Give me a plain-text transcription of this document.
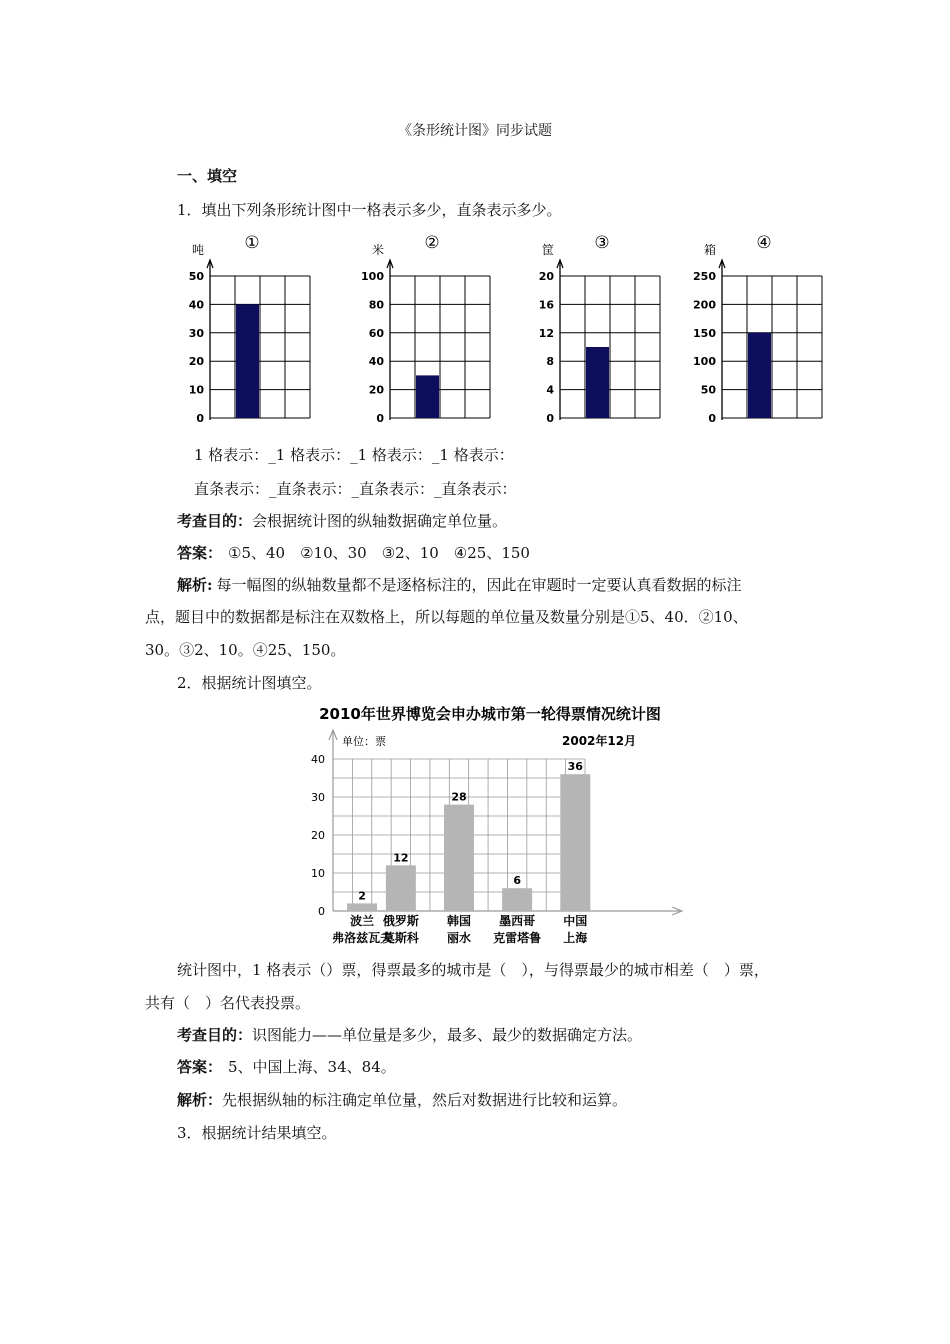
《条形统计图》同步试题
一、填空
1．填出下列条形统计图中一格表示多少，直条表示多少。
0
10
20
30
40
50
吨 ①
0
20
40
60
80
100
米 ②
0
4
8
12
16
20
筐 ③
0
50
100
150
200
250
箱 ④
1 格表示：_1 格表示：_1 格表示：_1 格表示：
直条表示：_直条表示：_直条表示：_直条表示：
考查目的：会根据统计图的纵轴数据确定单位量。
答案： ①5、40　②10、30　③2、10　④25、150
解析: 每一幅图的纵轴数量都不是逐格标注的，因此在审题时一定要认真看数据的标注
点，题目中的数据都是标注在双数格上，所以每题的单位量及数量分别是①5、40．②10、
30。③2、10。④25、150。
2．根据统计图填空。
2010年世界博览会申办城市第一轮得票情况统计图
单位：票	2002年12月
0
10
20
30
40
2
波兰
弗洛兹瓦夫
12
俄罗斯
莫斯科
28
韩国
丽水
6
墨西哥
克雷塔鲁
36
中国
上海
统计图中，1 格表示（）票，得票最多的城市是（　），与得票最少的城市相差（　）票，
共有（　）名代表投票。
考查目的：识图能力——单位量是多少，最多、最少的数据确定方法。
答案： 5、中国上海、34、84。
解析：先根据纵轴的标注确定单位量，然后对数据进行比较和运算。
3．根据统计结果填空。
